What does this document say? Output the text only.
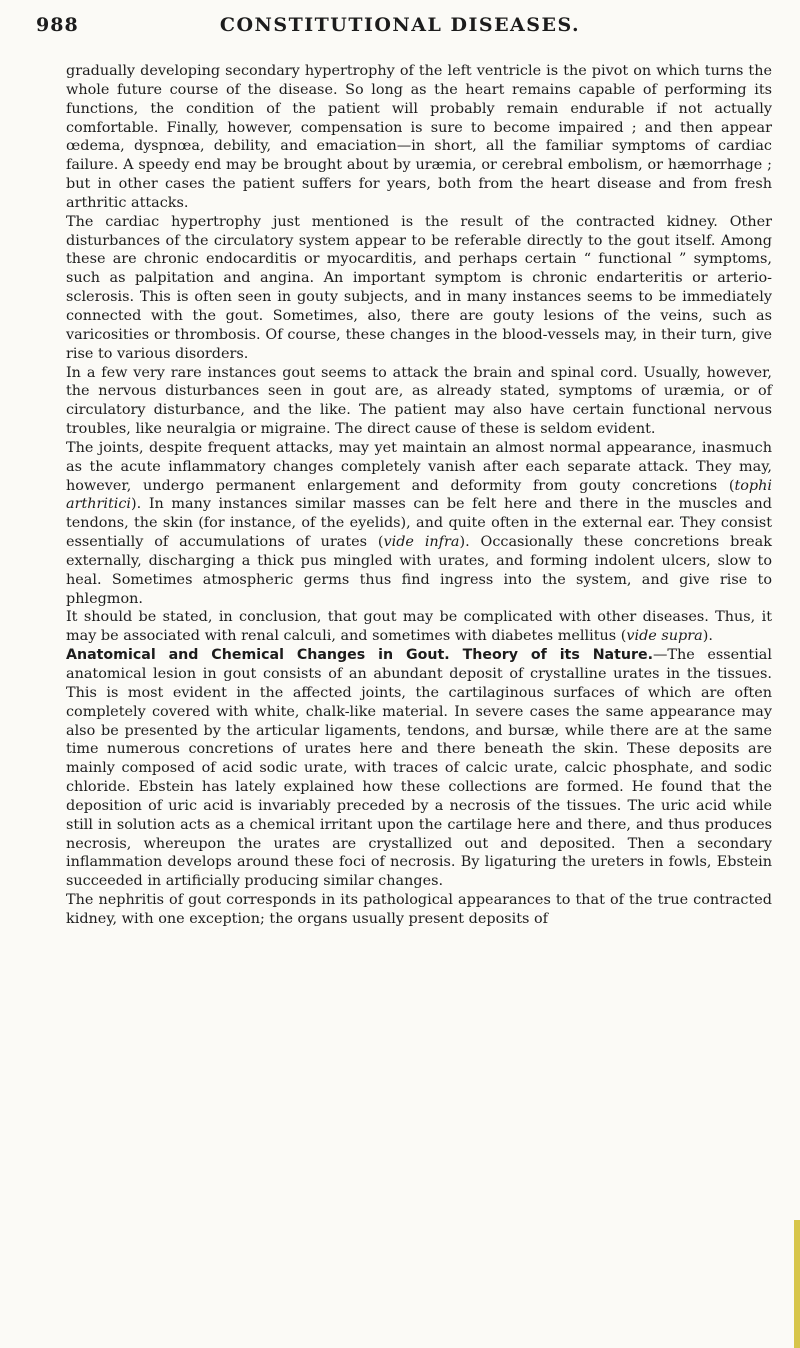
988	CONSTITUTIONAL DISEASES.

gradually developing secondary hypertrophy of the left ventricle is the pivot on which turns the whole future course of the disease. So long as the heart remains capable of performing its functions, the condition of the patient will probably remain endurable if not actually comfortable. Finally, however, compensation is sure to become impaired ; and then appear œdema, dyspnœa, debility, and emaciation—in short, all the familiar symptoms of cardiac failure. A speedy end may be brought about by uræmia, or cerebral embolism, or hæmorrhage ; but in other cases the patient suffers for years, both from the heart disease and from fresh arthritic attacks.

The cardiac hypertrophy just mentioned is the result of the contracted kidney. Other disturbances of the circulatory system appear to be referable directly to the gout itself. Among these are chronic endocarditis or myocarditis, and perhaps certain “ functional ” symptoms, such as palpitation and angina. An important symptom is chronic endarteritis or arterio-sclerosis. This is often seen in gouty subjects, and in many instances seems to be immediately connected with the gout. Sometimes, also, there are gouty lesions of the veins, such as varicosities or thrombosis. Of course, these changes in the blood-vessels may, in their turn, give rise to various disorders.

In a few very rare instances gout seems to attack the brain and spinal cord. Usually, however, the nervous disturbances seen in gout are, as already stated, symptoms of uræmia, or of circulatory disturbance, and the like. The patient may also have certain functional nervous troubles, like neuralgia or migraine. The direct cause of these is seldom evident.

The joints, despite frequent attacks, may yet maintain an almost normal appearance, inasmuch as the acute inflammatory changes completely vanish after each separate attack. They may, however, undergo permanent enlargement and deformity from gouty concretions (tophi arthritici). In many instances similar masses can be felt here and there in the muscles and tendons, the skin (for instance, of the eyelids), and quite often in the external ear. They consist essentially of accumulations of urates (vide infra). Occasionally these concretions break externally, discharging a thick pus mingled with urates, and forming indolent ulcers, slow to heal. Sometimes atmospheric germs thus find ingress into the system, and give rise to phlegmon.

It should be stated, in conclusion, that gout may be complicated with other diseases. Thus, it may be associated with renal calculi, and sometimes with diabetes mellitus (vide supra).

Anatomical and Chemical Changes in Gout. Theory of its Nature.—The essential anatomical lesion in gout consists of an abundant deposit of crystalline urates in the tissues. This is most evident in the affected joints, the cartilaginous surfaces of which are often completely covered with white, chalk-like material. In severe cases the same appearance may also be presented by the articular ligaments, tendons, and bursæ, while there are at the same time numerous concretions of urates here and there beneath the skin. These deposits are mainly composed of acid sodic urate, with traces of calcic urate, calcic phosphate, and sodic chloride. Ebstein has lately explained how these collections are formed. He found that the deposition of uric acid is invariably preceded by a necrosis of the tissues. The uric acid while still in solution acts as a chemical irritant upon the cartilage here and there, and thus produces necrosis, whereupon the urates are crystallized out and deposited. Then a secondary inflammation develops around these foci of necrosis. By ligaturing the ureters in fowls, Ebstein succeeded in artificially producing similar changes.

The nephritis of gout corresponds in its pathological appearances to that of the true contracted kidney, with one exception; the organs usually present deposits of
